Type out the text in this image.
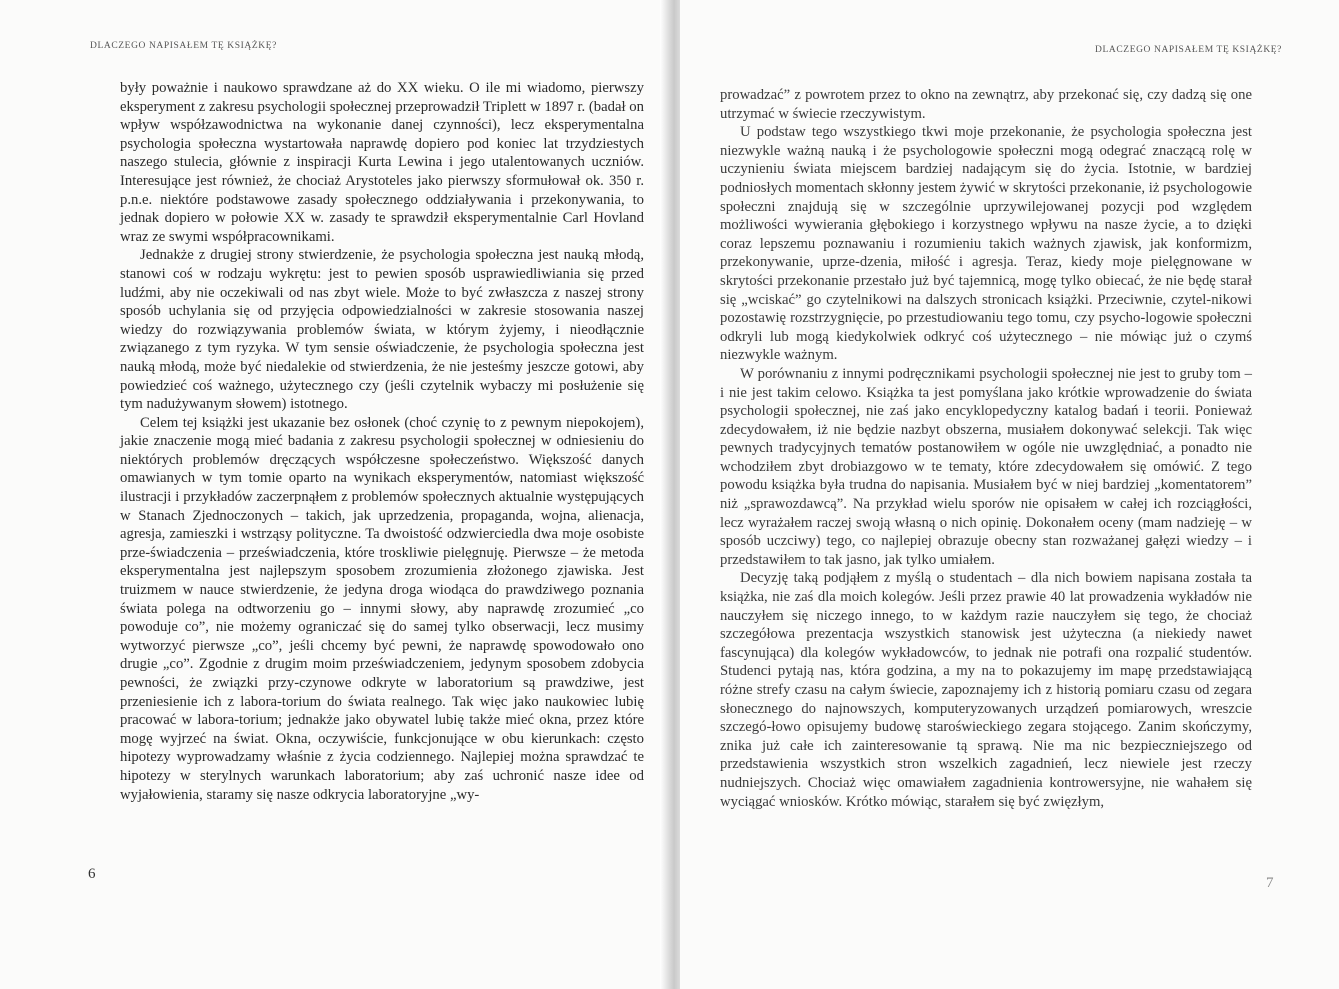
DLACZEGO NAPISAŁEM TĘ KSIĄŻKĘ?

były poważnie i naukowo sprawdzane aż do XX wieku. O ile mi wiadomo, pierwszy eksperyment z zakresu psychologii społecznej przeprowadził Triplett w 1897 r. (badał on wpływ współzawodnictwa na wykonanie danej czynności), lecz eksperymentalna psychologia społeczna wystartowała naprawdę dopiero pod koniec lat trzydziestych naszego stulecia, głównie z inspiracji Kurta Lewina i jego utalentowanych uczniów. Interesujące jest również, że chociaż Arystoteles jako pierwszy sformułował ok. 350 r. p.n.e. niektóre podstawowe zasady społecznego oddziaływania i przekonywania, to jednak dopiero w połowie XX w. zasady te sprawdził eksperymentalnie Carl Hovland wraz ze swymi współpracownikami.

Jednakże z drugiej strony stwierdzenie, że psychologia społeczna jest nauką młodą, stanowi coś w rodzaju wykrętu: jest to pewien sposób usprawiedliwiania się przed ludźmi, aby nie oczekiwali od nas zbyt wiele. Może to być zwłaszcza z naszej strony sposób uchylania się od przyjęcia odpowiedzialności w zakresie stosowania naszej wiedzy do rozwiązywania problemów świata, w którym żyjemy, i nieodłącznie związanego z tym ryzyka. W tym sensie oświadczenie, że psychologia społeczna jest nauką młodą, może być niedalekie od stwierdzenia, że nie jesteśmy jeszcze gotowi, aby powiedzieć coś ważnego, użytecznego czy (jeśli czytelnik wybaczy mi posłużenie się tym nadużywanym słowem) istotnego.

Celem tej książki jest ukazanie bez osłonek (choć czynię to z pewnym niepokojem), jakie znaczenie mogą mieć badania z zakresu psychologii społecznej w odniesieniu do niektórych problemów dręczących współczesne społeczeństwo. Większość danych omawianych w tym tomie oparto na wynikach eksperymentów, natomiast większość ilustracji i przykładów zaczerpnąłem z problemów społecznych aktualnie występujących w Stanach Zjednoczonych – takich, jak uprzedzenia, propaganda, wojna, alienacja, agresja, zamieszki i wstrząsy polityczne. Ta dwoistość odzwierciedla dwa moje osobiste prze-świadczenia – przeświadczenia, które troskliwie pielęgnuję. Pierwsze – że metoda eksperymentalna jest najlepszym sposobem zrozumienia złożonego zjawiska. Jest truizmem w nauce stwierdzenie, że jedyna droga wiodąca do prawdziwego poznania świata polega na odtworzeniu go – innymi słowy, aby naprawdę zrozumieć „co powoduje co”, nie możemy ograniczać się do samej tylko obserwacji, lecz musimy wytworzyć pierwsze „co”, jeśli chcemy być pewni, że naprawdę spowodowało ono drugie „co”. Zgodnie z drugim moim przeświadczeniem, jedynym sposobem zdobycia pewności, że związki przy-czynowe odkryte w laboratorium są prawdziwe, jest przeniesienie ich z labora-torium do świata realnego. Tak więc jako naukowiec lubię pracować w labora-torium; jednakże jako obywatel lubię także mieć okna, przez które mogę wyjrzeć na świat. Okna, oczywiście, funkcjonujące w obu kierunkach: często hipotezy wyprowadzamy właśnie z życia codziennego. Najlepiej można sprawdzać te hipotezy w sterylnych warunkach laboratorium; aby zaś uchronić nasze idee od wyjałowienia, staramy się nasze odkrycia laboratoryjne „wy-

6
DLACZEGO NAPISAŁEM TĘ KSIĄŻKĘ?

prowadzać” z powrotem przez to okno na zewnątrz, aby przekonać się, czy dadzą się one utrzymać w świecie rzeczywistym.

U podstaw tego wszystkiego tkwi moje przekonanie, że psychologia społeczna jest niezwykle ważną nauką i że psychologowie społeczni mogą odegrać znaczącą rolę w uczynieniu świata miejscem bardziej nadającym się do życia. Istotnie, w bardziej podniosłych momentach skłonny jestem żywić w skrytości przekonanie, iż psychologowie społeczni znajdują się w szczególnie uprzywilejowanej pozycji pod względem możliwości wywierania głębokiego i korzystnego wpływu na nasze życie, a to dzięki coraz lepszemu poznawaniu i rozumieniu takich ważnych zjawisk, jak konformizm, przekonywanie, uprze-dzenia, miłość i agresja. Teraz, kiedy moje pielęgnowane w skrytości przekonanie przestało już być tajemnicą, mogę tylko obiecać, że nie będę starał się „wciskać” go czytelnikowi na dalszych stronicach książki. Przeciwnie, czytel-nikowi pozostawię rozstrzygnięcie, po przestudiowaniu tego tomu, czy psycho-logowie społeczni odkryli lub mogą kiedykolwiek odkryć coś użytecznego – nie mówiąc już o czymś niezwykle ważnym.

W porównaniu z innymi podręcznikami psychologii społecznej nie jest to gruby tom – i nie jest takim celowo. Książka ta jest pomyślana jako krótkie wprowadzenie do świata psychologii społecznej, nie zaś jako encyklopedyczny katalog badań i teorii. Ponieważ zdecydowałem, iż nie będzie nazbyt obszerna, musiałem dokonywać selekcji. Tak więc pewnych tradycyjnych tematów postanowiłem w ogóle nie uwzględniać, a ponadto nie wchodziłem zbyt drobiazgowo w te tematy, które zdecydowałem się omówić. Z tego powodu książka była trudna do napisania. Musiałem być w niej bardziej „komentatorem” niż „sprawozdawcą”. Na przykład wielu sporów nie opisałem w całej ich rozciągłości, lecz wyrażałem raczej swoją własną o nich opinię. Dokonałem oceny (mam nadzieję – w sposób uczciwy) tego, co najlepiej obrazuje obecny stan rozważanej gałęzi wiedzy – i przedstawiłem to tak jasno, jak tylko umiałem.

Decyzję taką podjąłem z myślą o studentach – dla nich bowiem napisana została ta książka, nie zaś dla moich kolegów. Jeśli przez prawie 40 lat prowadzenia wykładów nie nauczyłem się niczego innego, to w każdym razie nauczyłem się tego, że chociaż szczegółowa prezentacja wszystkich stanowisk jest użyteczna (a niekiedy nawet fascynująca) dla kolegów wykładowców, to jednak nie potrafi ona rozpalić studentów. Studenci pytają nas, która godzina, a my na to pokazujemy im mapę przedstawiającą różne strefy czasu na całym świecie, zapoznajemy ich z historią pomiaru czasu od zegara słonecznego do najnowszych, komputeryzowanych urządzeń pomiarowych, wreszcie szczegó-łowo opisujemy budowę staroświeckiego zegara stojącego. Zanim skończymy, znika już całe ich zainteresowanie tą sprawą. Nie ma nic bezpieczniejszego od przedstawienia wszystkich stron wszelkich zagadnień, lecz niewiele jest rzeczy nudniejszych. Chociaż więc omawiałem zagadnienia kontrowersyjne, nie wahałem się wyciągać wniosków. Krótko mówiąc, starałem się być zwięzłym,

7
